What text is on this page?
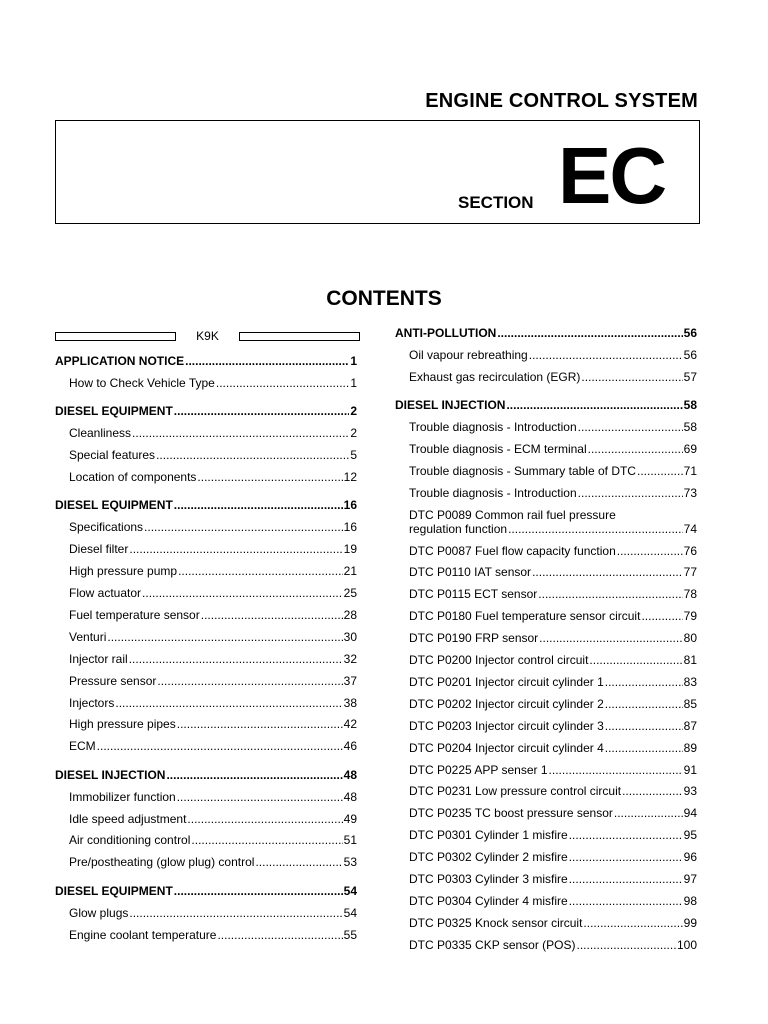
ENGINE CONTROL SYSTEM
SECTION EC
CONTENTS
K9K
APPLICATION NOTICE .....	1
How to Check Vehicle Type .....	1
DIESEL EQUIPMENT .....	2
Cleanliness .....	2
Special features .....	5
Location of components .....	12
DIESEL EQUIPMENT .....	16
Specifications .....	16
Diesel filter .....	19
High pressure pump .....	21
Flow actuator .....	25
Fuel temperature sensor .....	28
Venturi .....	30
Injector rail .....	32
Pressure sensor .....	37
Injectors .....	38
High pressure pipes .....	42
ECM .....	46
DIESEL INJECTION .....	48
Immobilizer function .....	48
Idle speed adjustment .....	49
Air conditioning control .....	51
Pre/postheating (glow plug) control .....	53
DIESEL EQUIPMENT .....	54
Glow plugs .....	54
Engine coolant temperature .....	55
ANTI-POLLUTION .....	56
Oil vapour rebreathing .....	56
Exhaust gas recirculation (EGR) .....	57
DIESEL INJECTION .....	58
Trouble diagnosis - Introduction .....	58
Trouble diagnosis - ECM terminal .....	69
Trouble diagnosis - Summary table of DTC .....	71
Trouble diagnosis - Introduction .....	73
DTC P0089 Common rail fuel pressure
regulation function .....	74
DTC P0087 Fuel flow capacity function .....	76
DTC P0110 IAT sensor .....	77
DTC P0115 ECT sensor .....	78
DTC P0180 Fuel temperature sensor circuit .....	79
DTC P0190 FRP sensor .....	80
DTC P0200 Injector control circuit .....	81
DTC P0201 Injector circuit cylinder 1 .....	83
DTC P0202 Injector circuit cylinder 2 .....	85
DTC P0203 Injector circuit cylinder 3 .....	87
DTC P0204 Injector circuit cylinder 4 .....	89
DTC P0225 APP senser 1 .....	91
DTC P0231 Low pressure control circuit .....	93
DTC P0235 TC boost pressure sensor .....	94
DTC P0301 Cylinder 1 misfire .....	95
DTC P0302 Cylinder 2 misfire .....	96
DTC P0303 Cylinder 3 misfire .....	97
DTC P0304 Cylinder 4 misfire .....	98
DTC P0325 Knock sensor circuit .....	99
DTC P0335 CKP sensor (POS) .....	100
